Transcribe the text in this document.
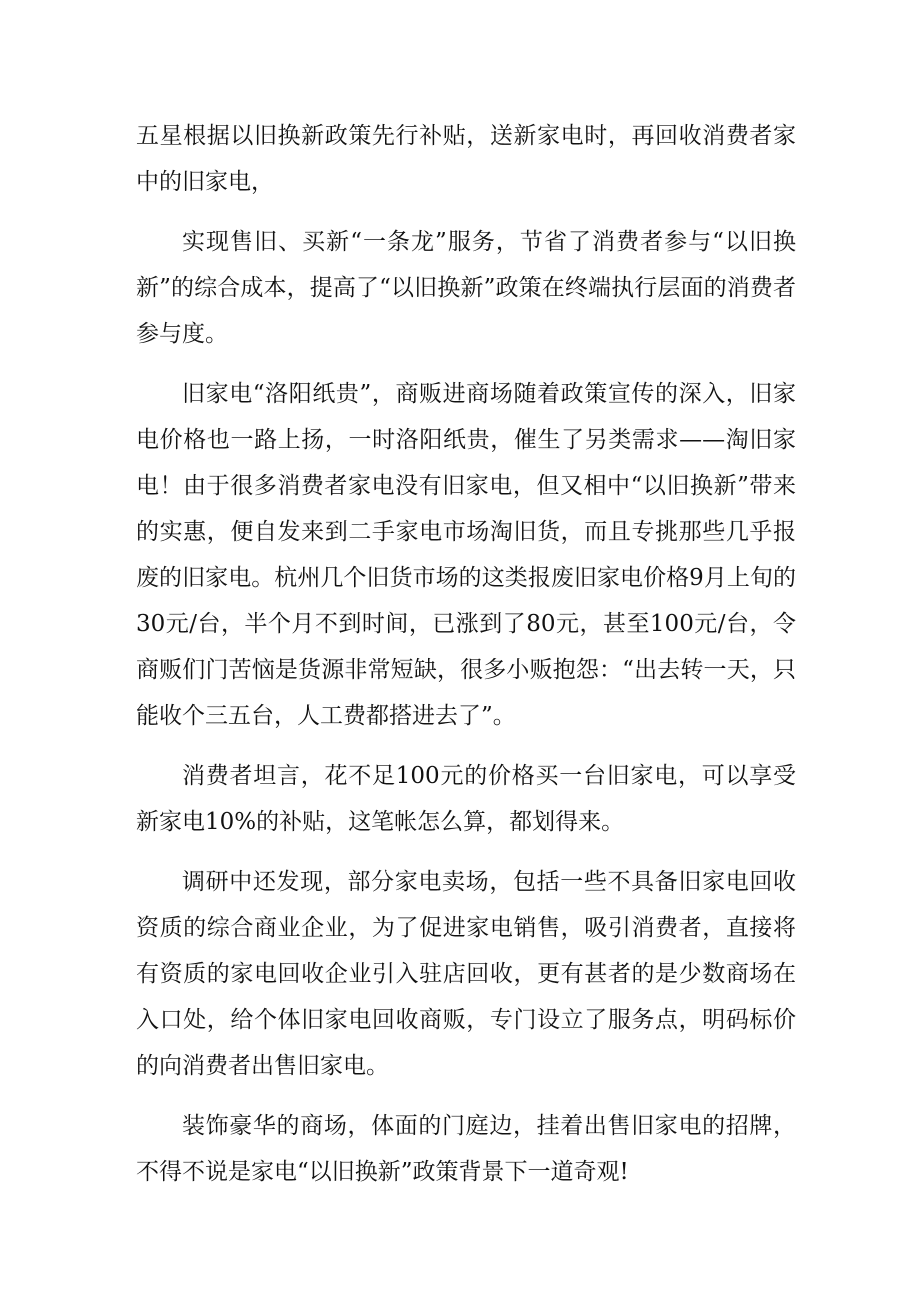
五星根据以旧换新政策先行补贴，送新家电时，再回收消费者家中的旧家电，

实现售旧、买新“一条龙”服务，节省了消费者参与“以旧换新”的综合成本，提高了“以旧换新”政策在终端执行层面的消费者参与度。

旧家电“洛阳纸贵”，商贩进商场随着政策宣传的深入，旧家电价格也一路上扬，一时洛阳纸贵，催生了另类需求——淘旧家电！由于很多消费者家电没有旧家电，但又相中“以旧换新”带来的实惠，便自发来到二手家电市场淘旧货，而且专挑那些几乎报废的旧家电。杭州几个旧货市场的这类报废旧家电价格9月上旬的30元/台，半个月不到时间，已涨到了80元，甚至100元/台，令商贩们门苦恼是货源非常短缺，很多小贩抱怨：“出去转一天，只能收个三五台，人工费都搭进去了”。

消费者坦言，花不足100元的价格买一台旧家电，可以享受新家电10%的补贴，这笔帐怎么算，都划得来。

调研中还发现，部分家电卖场，包括一些不具备旧家电回收资质的综合商业企业，为了促进家电销售，吸引消费者，直接将有资质的家电回收企业引入驻店回收，更有甚者的是少数商场在入口处，给个体旧家电回收商贩，专门设立了服务点，明码标价的向消费者出售旧家电。

装饰豪华的商场，体面的门庭边，挂着出售旧家电的招牌，不得不说是家电“以旧换新”政策背景下一道奇观!
